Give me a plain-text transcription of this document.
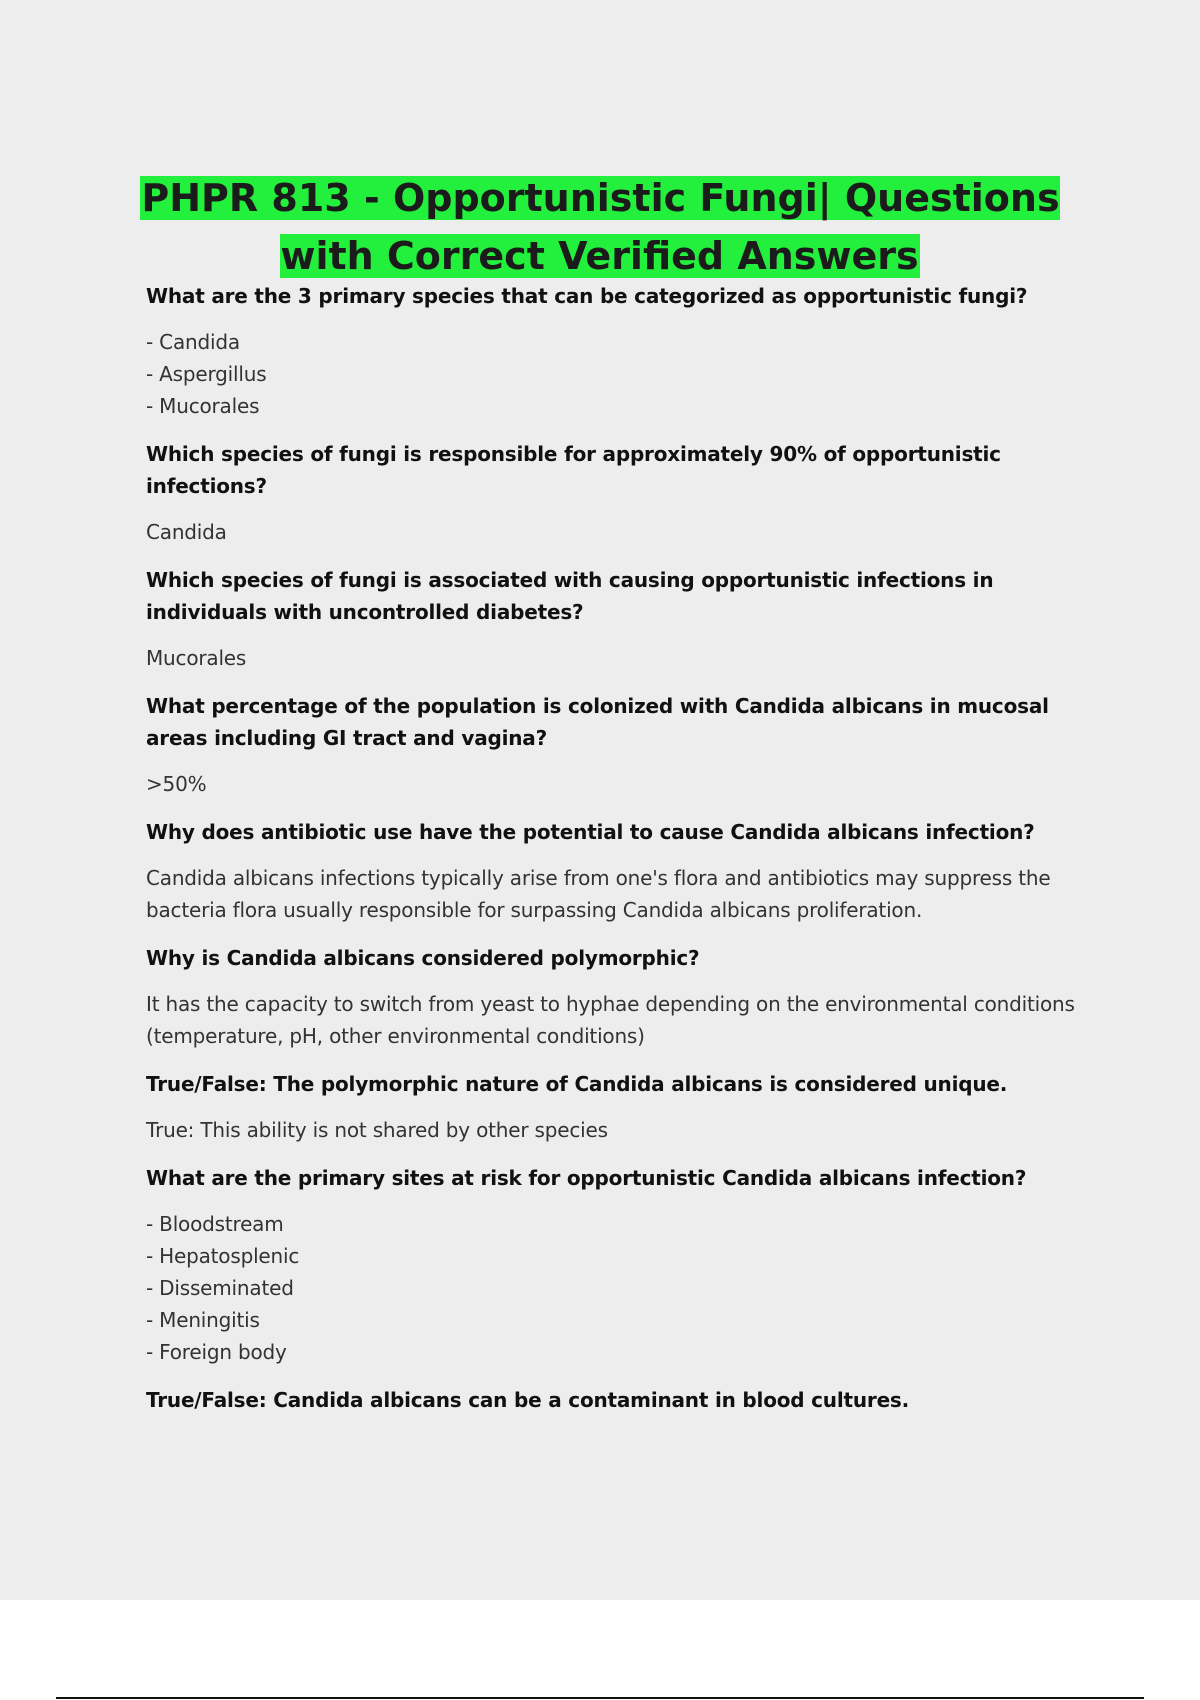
PHPR 813 - Opportunistic Fungi| Questions with Correct Verified Answers

What are the 3 primary species that can be categorized as opportunistic fungi?

- Candida
- Aspergillus
- Mucorales

Which species of fungi is responsible for approximately 90% of opportunistic infections?

Candida

Which species of fungi is associated with causing opportunistic infections in individuals with uncontrolled diabetes?

Mucorales

What percentage of the population is colonized with Candida albicans in mucosal areas including GI tract and vagina?

>50%

Why does antibiotic use have the potential to cause Candida albicans infection?

Candida albicans infections typically arise from one's flora and antibiotics may suppress the bacteria flora usually responsible for surpassing Candida albicans proliferation.

Why is Candida albicans considered polymorphic?

It has the capacity to switch from yeast to hyphae depending on the environmental conditions (temperature, pH, other environmental conditions)

True/False: The polymorphic nature of Candida albicans is considered unique.

True: This ability is not shared by other species

What are the primary sites at risk for opportunistic Candida albicans infection?

- Bloodstream
- Hepatosplenic
- Disseminated
- Meningitis
- Foreign body

True/False: Candida albicans can be a contaminant in blood cultures.
